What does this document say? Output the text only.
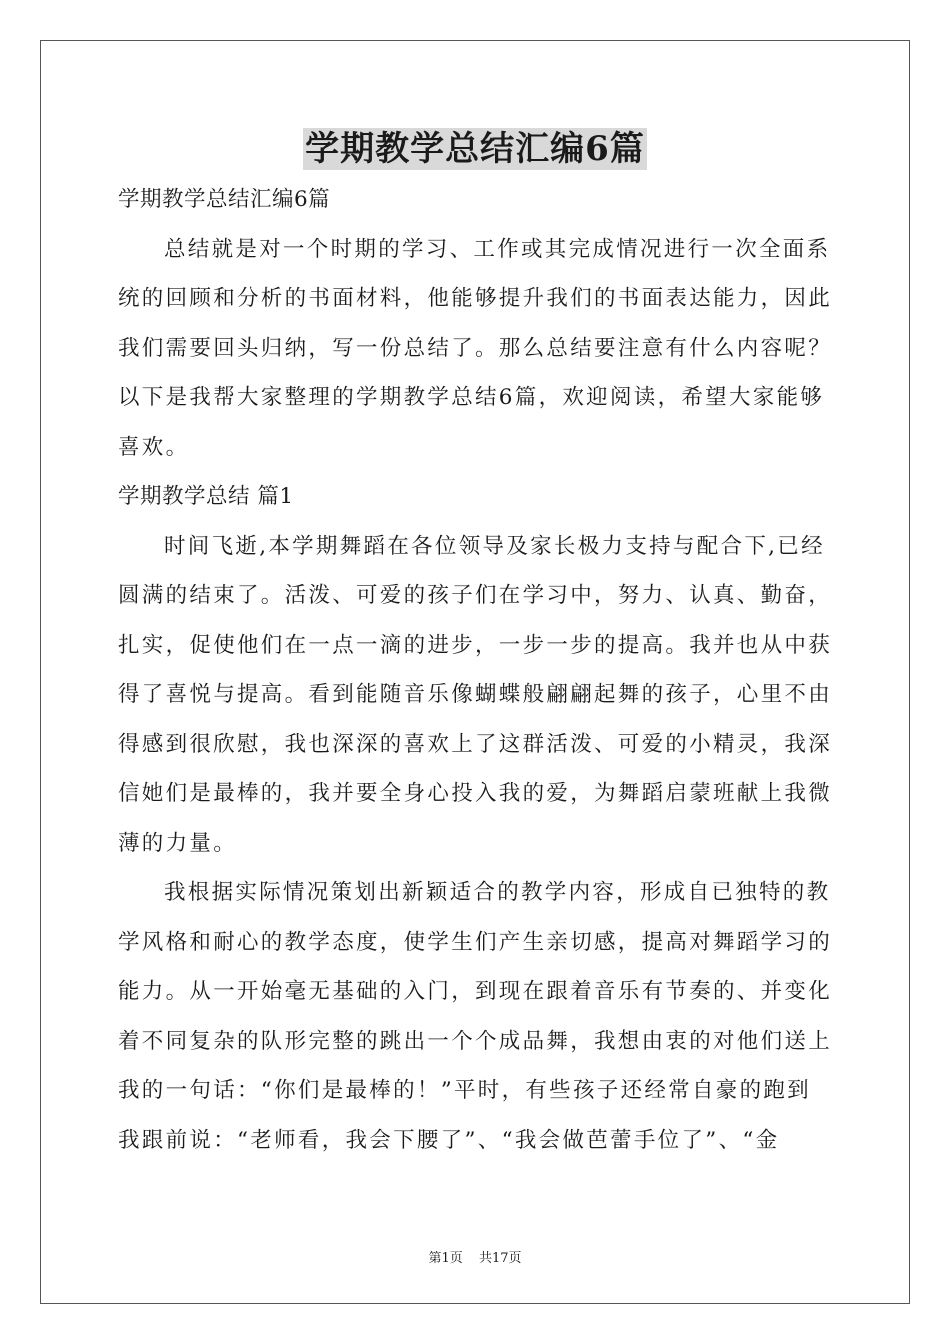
学期教学总结汇编6篇
学期教学总结汇编6篇
总结就是对一个时期的学习、工作或其完成情况进行一次全面系
统的回顾和分析的书面材料，他能够提升我们的书面表达能力，因此
我们需要回头归纳，写一份总结了。那么总结要注意有什么内容呢？
以下是我帮大家整理的学期教学总结6篇，欢迎阅读，希望大家能够
喜欢。
学期教学总结 篇1
时间飞逝,本学期舞蹈在各位领导及家长极力支持与配合下,已经
圆满的结束了。活泼、可爱的孩子们在学习中，努力、认真、勤奋，
扎实，促使他们在一点一滴的进步，一步一步的提高。我并也从中获
得了喜悦与提高。看到能随音乐像蝴蝶般翩翩起舞的孩子，心里不由
得感到很欣慰，我也深深的喜欢上了这群活泼、可爱的小精灵，我深
信她们是最棒的，我并要全身心投入我的爱，为舞蹈启蒙班献上我微
薄的力量。
我根据实际情况策划出新颖适合的教学内容，形成自已独特的教
学风格和耐心的教学态度，使学生们产生亲切感，提高对舞蹈学习的
能力。从一开始毫无基础的入门，到现在跟着音乐有节奏的、并变化
着不同复杂的队形完整的跳出一个个成品舞，我想由衷的对他们送上
我的一句话：“你们是最棒的！”平时，有些孩子还经常自豪的跑到
我跟前说：“老师看，我会下腰了”、“我会做芭蕾手位了”、“金
第1页 共17页
